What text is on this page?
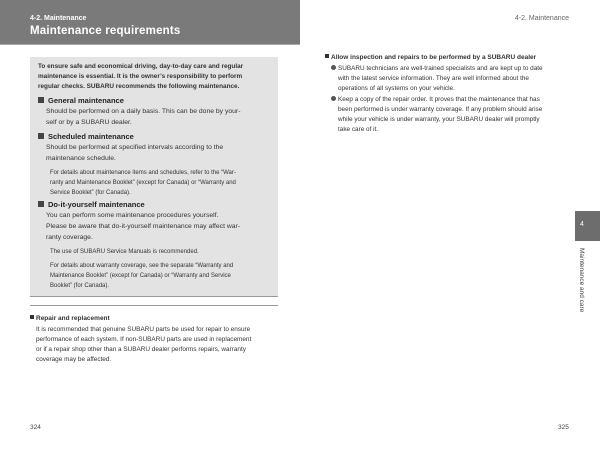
4-2. Maintenance
Maintenance requirements
To ensure safe and economical driving, day-to-day care and regular
maintenance is essential. It is the owner’s responsibility to perform
regular checks. SUBARU recommends the following maintenance.
General maintenance
Should be performed on a daily basis. This can be done by your-
self or by a SUBARU dealer.
Scheduled maintenance
Should be performed at specified intervals according to the
maintenance schedule.
For details about maintenance items and schedules, refer to the “War-
ranty and Maintenance Booklet” (except for Canada) or “Warranty and
Service Booklet” (for Canada).
Do-it-yourself maintenance
You can perform some maintenance procedures yourself.
Please be aware that do-it-yourself maintenance may affect war-
ranty coverage.
The use of SUBARU Service Manuals is recommended.
For details about warranty coverage, see the separate “Warranty and
Maintenance Booklet” (except for Canada) or “Warranty and Service
Booklet” (for Canada).
Repair and replacement
It is recommended that genuine SUBARU parts be used for repair to ensure
performance of each system. If non-SUBARU parts are used in replacement
or if a repair shop other than a SUBARU dealer performs repairs, warranty
coverage may be affected.
324
4-2. Maintenance
Allow inspection and repairs to be performed by a SUBARU dealer
SUBARU technicians are well-trained specialists and are kept up to date
with the latest service information. They are well informed about the
operations of all systems on your vehicle.
Keep a copy of the repair order. It proves that the maintenance that has
been performed is under warranty coverage. If any problem should arise
while your vehicle is under warranty, your SUBARU dealer will promptly
take care of it.
4
Maintenance and care
325
